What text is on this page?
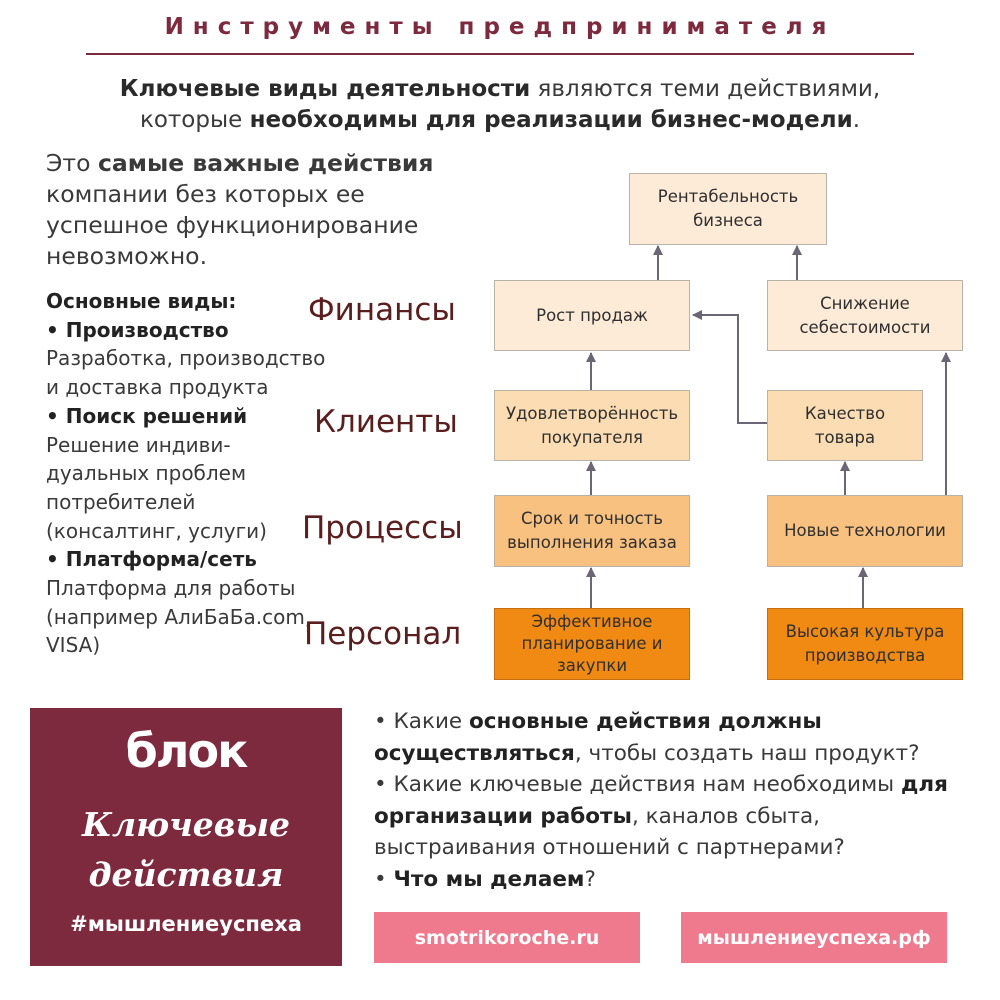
Инструменты предпринимателя
Ключевые виды деятельности являются теми действиями,
которые необходимы для реализации бизнес-модели.
Это самые важные действия компании без которых ее успешное функционирование невозможно.
Основные виды:
• Производство
Разработка, производство и доставка продукта
• Поиск решений
Решение индиви-дуальных проблем потребителей (консалтинг, услуги)
• Платформа/сеть
Платформа для работы (например АлиБаБа.com, VISA)
Финансы
Клиенты
Процессы
Персонал
Рентабельность
бизнеса
Рост продаж
Снижение
себестоимости
Удовлетворённость
покупателя
Качество товара
Срок и точность
выполнения заказа
Новые технологии
Эффективное
планирование и
закупки
Высокая культура
производства
блок
Ключевые
действия
#мышлениеуспеха
• Какие основные действия должны осуществляться, чтобы создать наш продукт?
• Какие ключевые действия нам необходимы для организации работы, каналов сбыта, выстраивания отношений с партнерами?
• Что мы делаем?
smotrikoroche.ru	мышлениеуспеха.рф
